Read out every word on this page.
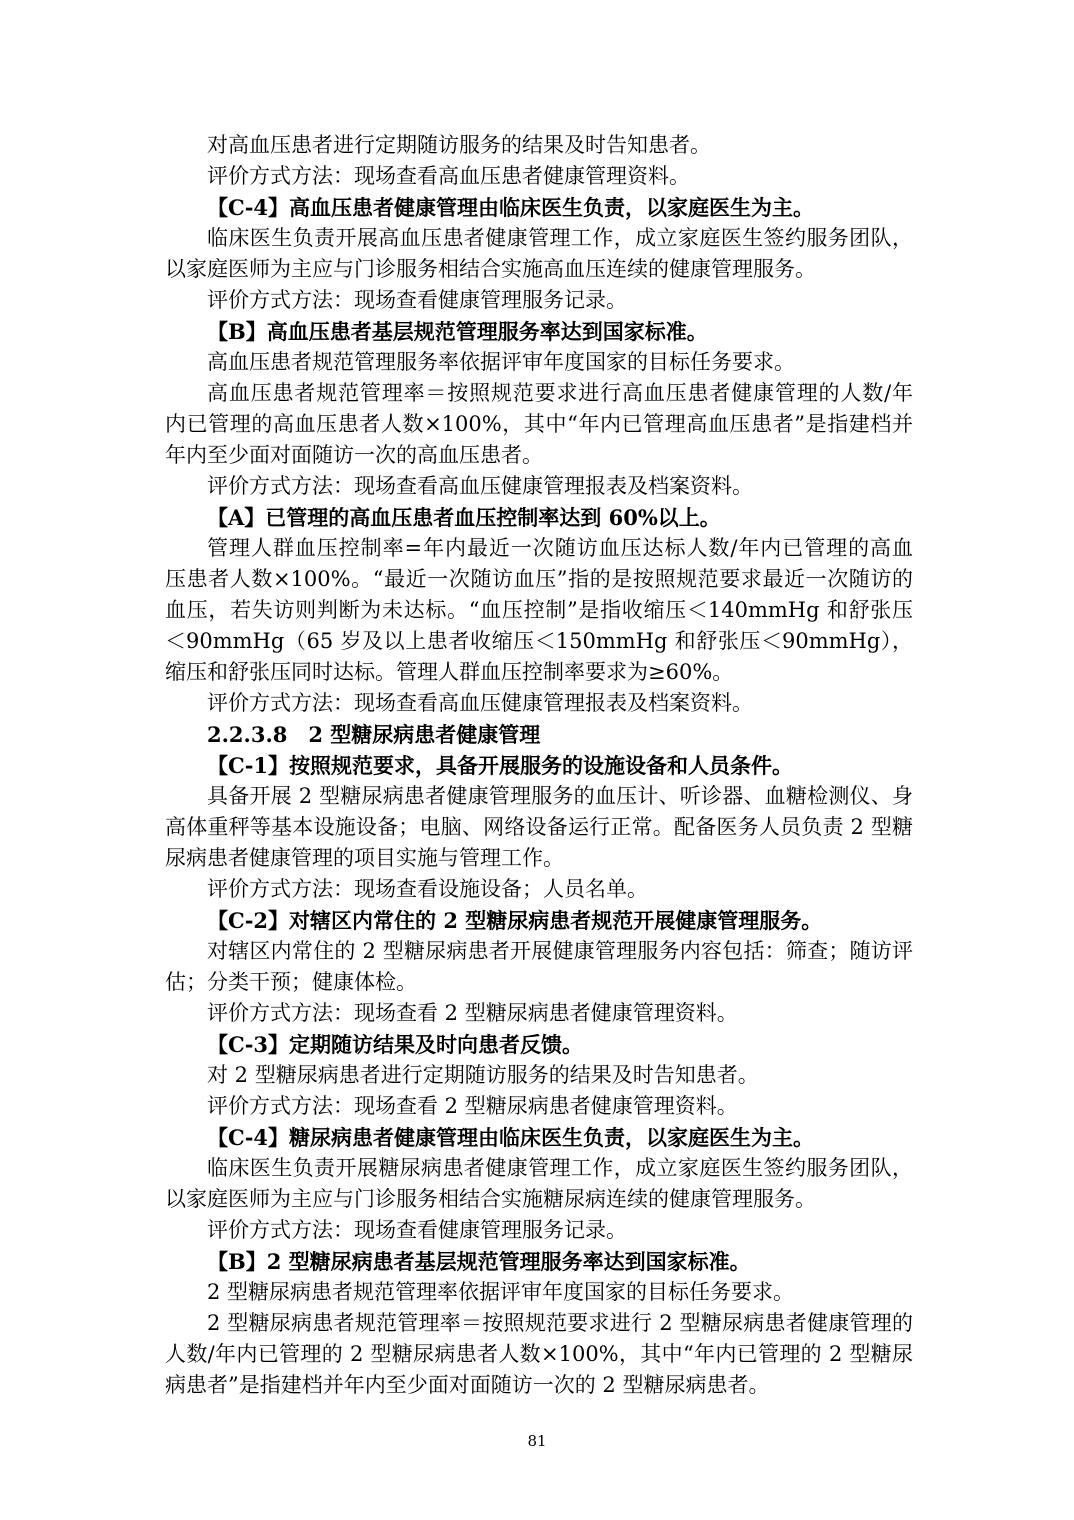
对高血压患者进行定期随访服务的结果及时告知患者。
评价方式方法：现场查看高血压患者健康管理资料。
【C-4】高血压患者健康管理由临床医生负责，以家庭医生为主。
临床医生负责开展高血压患者健康管理工作，成立家庭医生签约服务团队，
以家庭医师为主应与门诊服务相结合实施高血压连续的健康管理服务。
评价方式方法：现场查看健康管理服务记录。
【B】高血压患者基层规范管理服务率达到国家标准。
高血压患者规范管理服务率依据评审年度国家的目标任务要求。
高血压患者规范管理率＝按照规范要求进行高血压患者健康管理的人数/年
内已管理的高血压患者人数×100%，其中“年内已管理高血压患者”是指建档并
年内至少面对面随访一次的高血压患者。
评价方式方法：现场查看高血压健康管理报表及档案资料。
【A】已管理的高血压患者血压控制率达到 60%以上。
管理人群血压控制率=年内最近一次随访血压达标人数/年内已管理的高血
压患者人数×100%。“最近一次随访血压”指的是按照规范要求最近一次随访的
血压，若失访则判断为未达标。“血压控制”是指收缩压＜140mmHg 和舒张压
＜90mmHg（65 岁及以上患者收缩压＜150mmHg 和舒张压＜90mmHg），
缩压和舒张压同时达标。管理人群血压控制率要求为≥60%。
评价方式方法：现场查看高血压健康管理报表及档案资料。
2.2.3.8　2 型糖尿病患者健康管理
【C-1】按照规范要求，具备开展服务的设施设备和人员条件。
具备开展 2 型糖尿病患者健康管理服务的血压计、听诊器、血糖检测仪、身
高体重秤等基本设施设备；电脑、网络设备运行正常。配备医务人员负责 2 型糖
尿病患者健康管理的项目实施与管理工作。
评价方式方法：现场查看设施设备；人员名单。
【C-2】对辖区内常住的 2 型糖尿病患者规范开展健康管理服务。
对辖区内常住的 2 型糖尿病患者开展健康管理服务内容包括：筛查；随访评
估；分类干预；健康体检。
评价方式方法：现场查看 2 型糖尿病患者健康管理资料。
【C-3】定期随访结果及时向患者反馈。
对 2 型糖尿病患者进行定期随访服务的结果及时告知患者。
评价方式方法：现场查看 2 型糖尿病患者健康管理资料。
【C-4】糖尿病患者健康管理由临床医生负责，以家庭医生为主。
临床医生负责开展糖尿病患者健康管理工作，成立家庭医生签约服务团队，
以家庭医师为主应与门诊服务相结合实施糖尿病连续的健康管理服务。
评价方式方法：现场查看健康管理服务记录。
【B】2 型糖尿病患者基层规范管理服务率达到国家标准。
2 型糖尿病患者规范管理率依据评审年度国家的目标任务要求。
2 型糖尿病患者规范管理率＝按照规范要求进行 2 型糖尿病患者健康管理的
人数/年内已管理的 2 型糖尿病患者人数×100%，其中“年内已管理的 2 型糖尿
病患者”是指建档并年内至少面对面随访一次的 2 型糖尿病患者。
81
